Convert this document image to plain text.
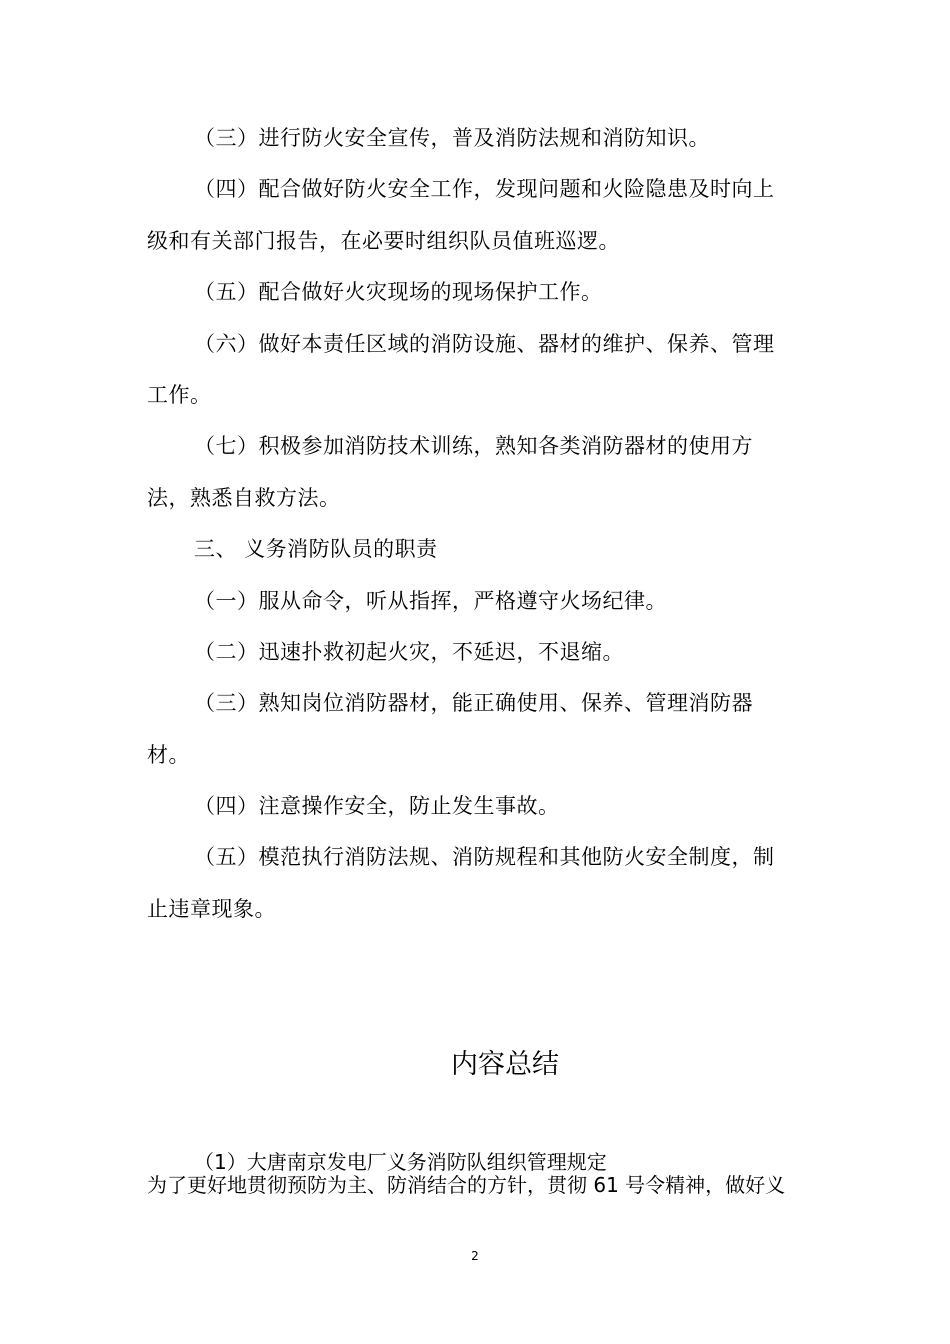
（三）进行防火安全宣传，普及消防法规和消防知识。
（四）配合做好防火安全工作，发现问题和火险隐患及时向上
级和有关部门报告，在必要时组织队员值班巡逻。
（五）配合做好火灾现场的现场保护工作。
（六）做好本责任区域的消防设施、器材的维护、保养、管理
工作。
（七）积极参加消防技术训练，熟知各类消防器材的使用方
法，熟悉自救方法。
三、 义务消防队员的职责
（一）服从命令，听从指挥，严格遵守火场纪律。
（二）迅速扑救初起火灾，不延迟，不退缩。
（三）熟知岗位消防器材，能正确使用、保养、管理消防器
材。
（四）注意操作安全，防止发生事故。
（五）模范执行消防法规、消防规程和其他防火安全制度，制
止违章现象。
内容总结
（1）大唐南京发电厂义务消防队组织管理规定
为了更好地贯彻预防为主、防消结合的方针，贯彻 61 号令精神，做好义
2
